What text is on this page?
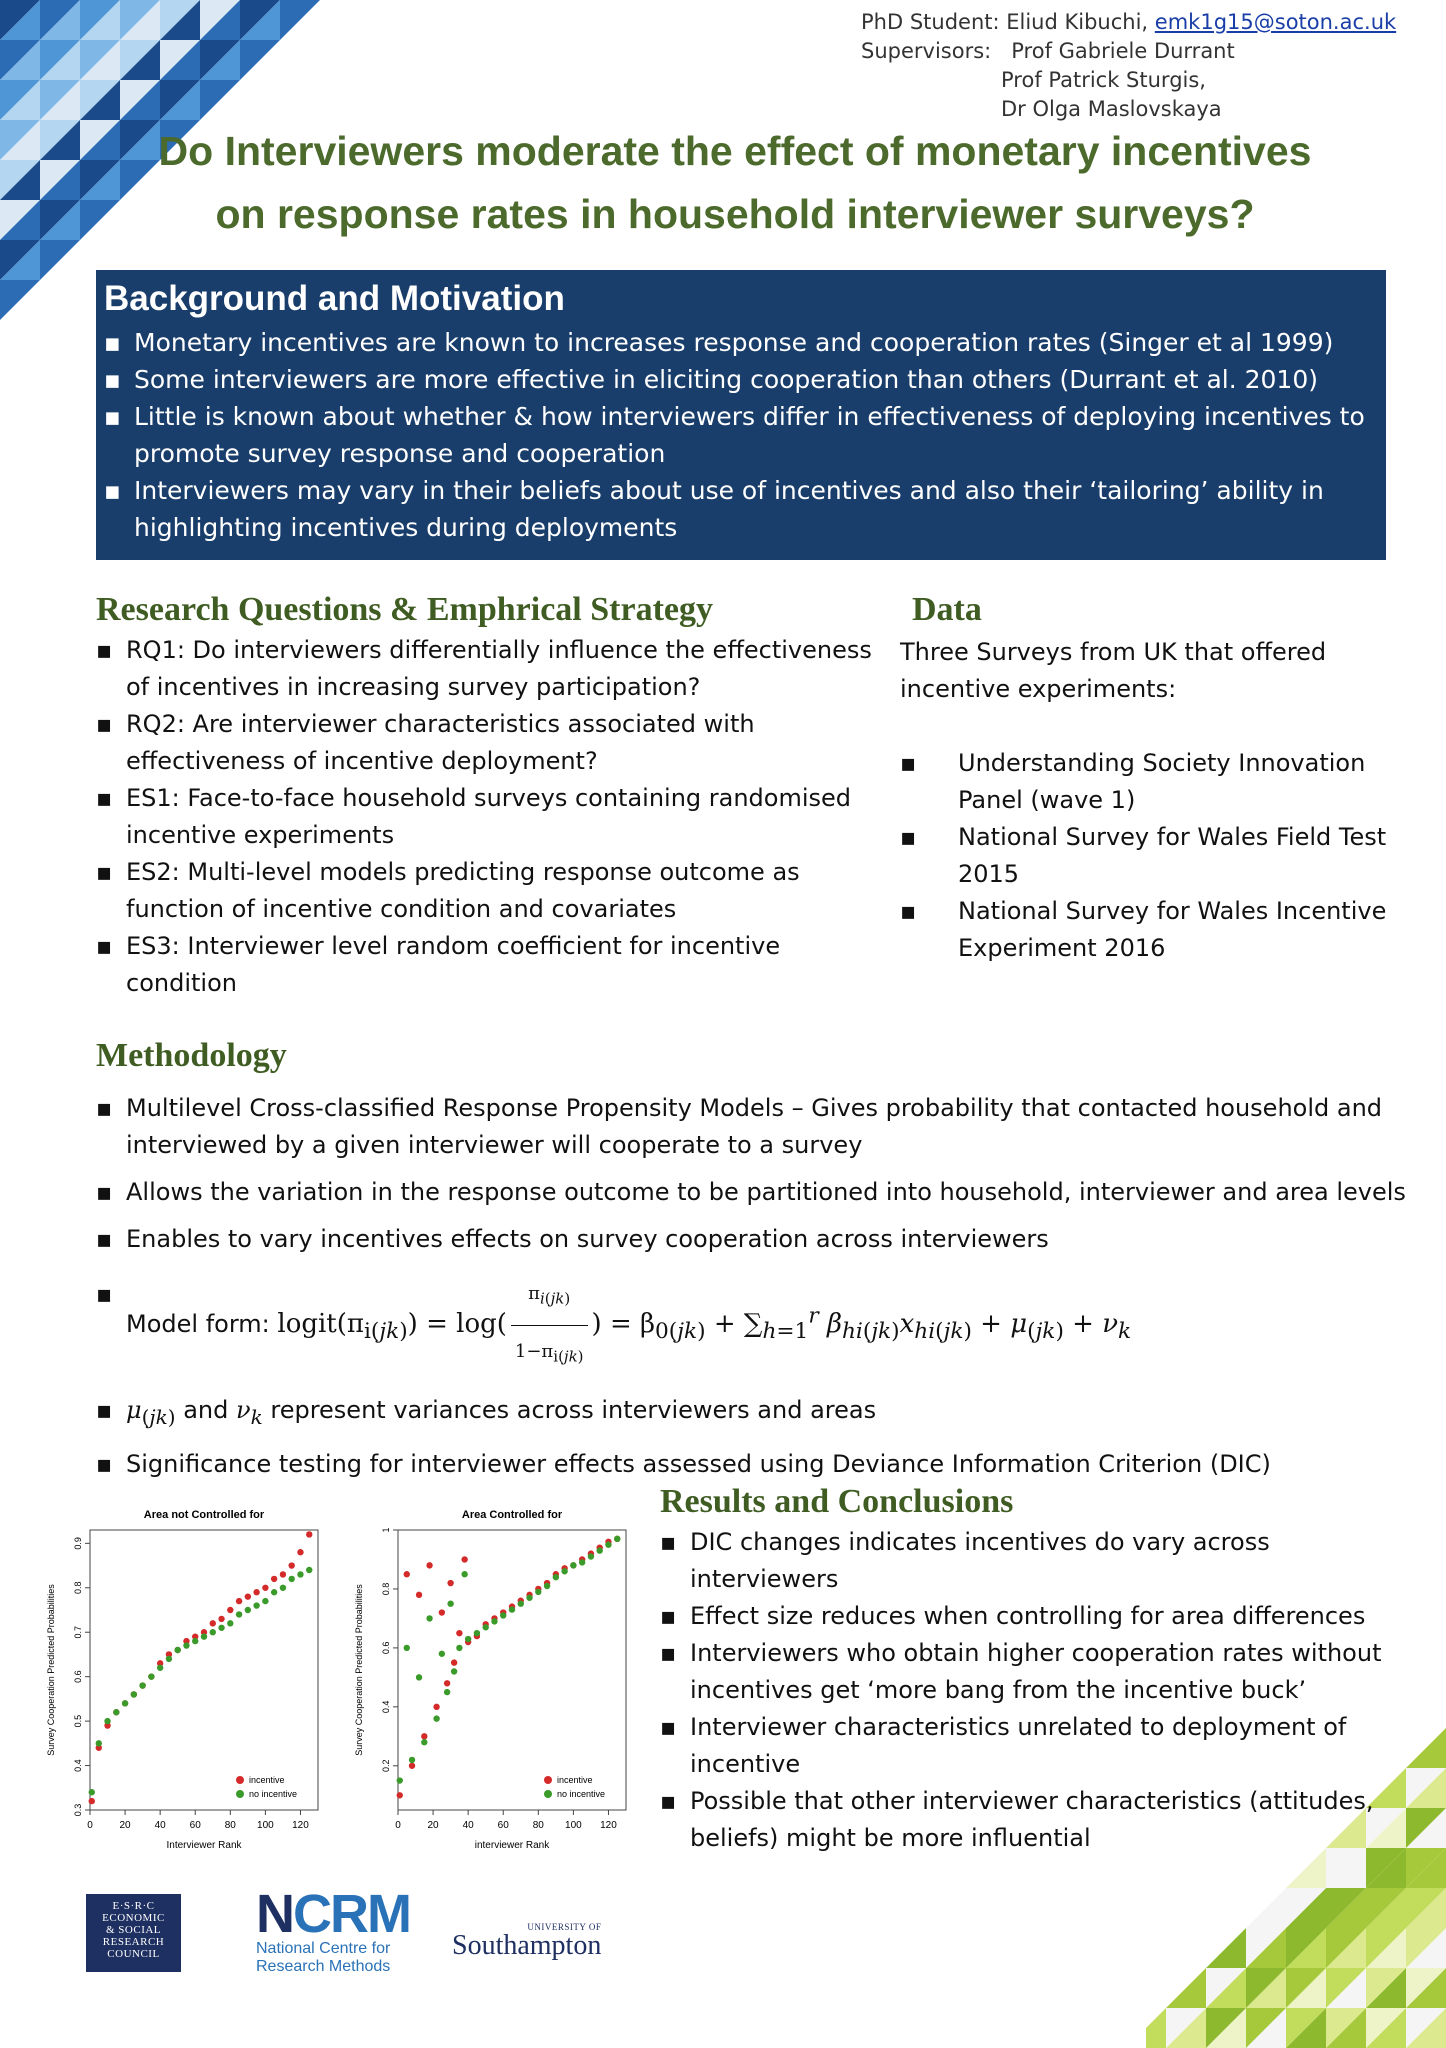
PhD Student: Eliud Kibuchi, emk1g15@soton.ac.uk
Supervisors: Prof Gabriele Durrant
Prof Patrick Sturgis,
Dr Olga Maslovskaya
Do Interviewers moderate the effect of monetary incentives
on response rates in household interviewer surveys?
Background and Motivation
▪ Monetary incentives are known to increases response and cooperation rates (Singer et al 1999)
▪ Some interviewers are more effective in eliciting cooperation than others (Durrant et al. 2010)
▪ Little is known about whether & how interviewers differ in effectiveness of deploying incentives to promote survey response and cooperation
▪ Interviewers may vary in their beliefs about use of incentives and also their ‘tailoring’ ability in highlighting incentives during deployments
Research Questions & Emphrical Strategy
▪ RQ1: Do interviewers differentially influence the effectiveness of incentives in increasing survey participation?
▪ RQ2: Are interviewer characteristics associated with effectiveness of incentive deployment?
▪ ES1: Face-to-face household surveys containing randomised incentive experiments
▪ ES2: Multi-level models predicting response outcome as function of incentive condition and covariates
▪ ES3: Interviewer level random coefficient for incentive condition
Data

Three Surveys from UK that offered incentive experiments:

▪ Understanding Society Innovation Panel (wave 1)
▪ National Survey for Wales Field Test 2015
▪ National Survey for Wales Incentive Experiment 2016
Methodology
▪ Multilevel Cross-classified Response Propensity Models – Gives probability that contacted household and interviewed by a given interviewer will cooperate to a survey
▪ Allows the variation in the response outcome to be partitioned into household, interviewer and area levels
▪ Enables to vary incentives effects on survey cooperation across interviewers
▪ Model form: $logit(\pi_{i(jk)}) = \log( \frac{\pi_{i(jk)}}{1-\pi_{i(jk)}}$ ) = $\beta_{0(jk)} + \sum_{h=1}^r$ $\beta_{hi(jk)}x_{hi(jk)} + \mu_{(jk)} + \nu_k$
▪ $\mu_{(jk)}$ and $\nu_k$ represent variances across interviewers and areas
▪ Significance testing for interviewer effects assessed using Deviance Information Criterion (DIC)
Area not Controlled for
0	20 40 60 80 100 120
0.3
0.4
0.5
0.6
0.7
0.8
0.9
Interviewer Rank
Survey Cooperation Predicted Probabilities
incentive
no incentive
Area Controlled for
0	20 40 60 80 100 120
0.2
0.4
0.6
0.8
1
interviewer Rank
Survey Cooperation Predicted Probabilities
incentive
no incentive
Results and Conclusions
▪ DIC changes indicates incentives do vary across interviewers
▪ Effect size reduces when controlling for area differences
▪ Interviewers who obtain higher cooperation rates without incentives get ‘more bang from the incentive buck’
▪ Interviewer characteristics unrelated to deployment of incentive
▪ Possible that other interviewer characteristics (attitudes, beliefs) might be more influential
E·S·R·C
ECONOMIC
& SOCIAL
RESEARCH
COUNCIL
NCRM
National Centre for
Research Methods
UNIVERSITY OF
Southampton
